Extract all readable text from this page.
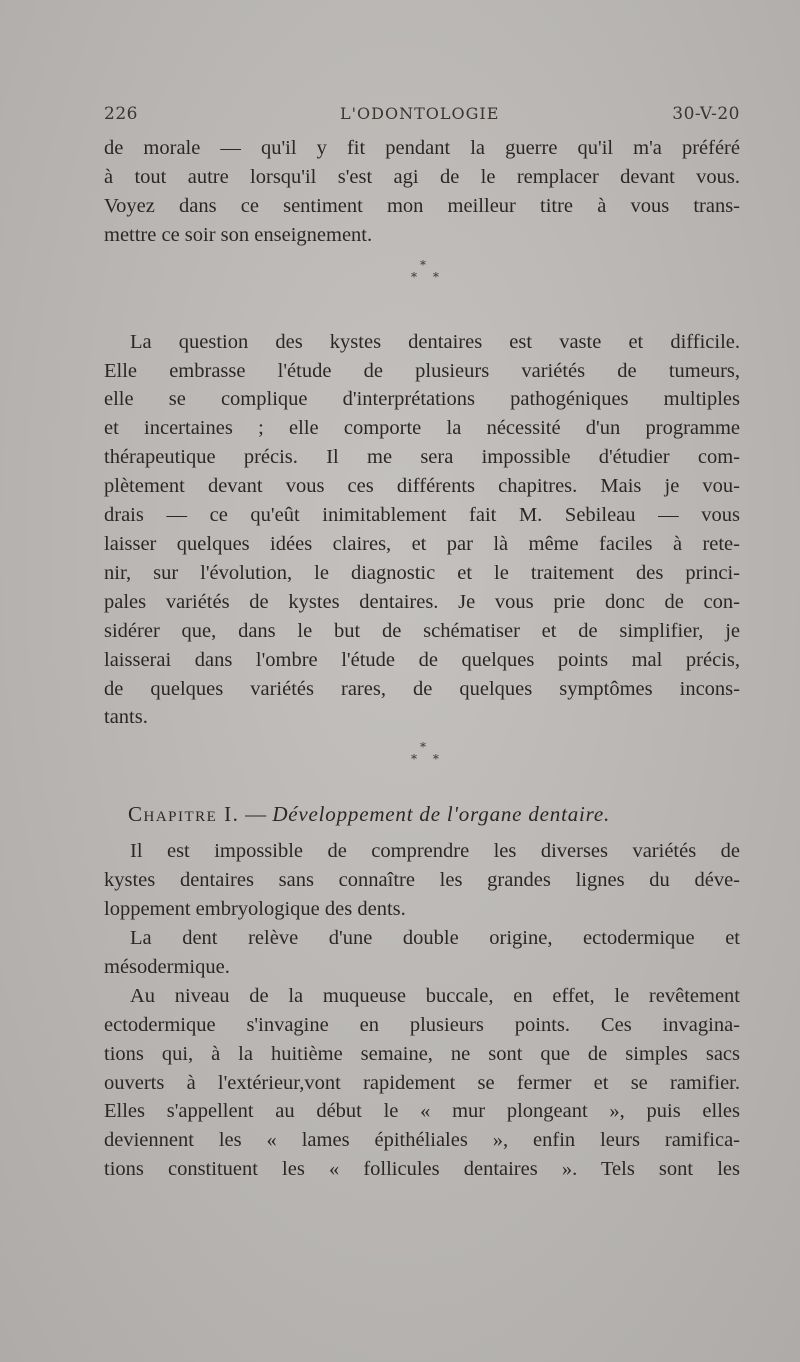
226	L'ODONTOLOGIE	30-V-20

de morale — qu'il y fit pendant la guerre qu'il m'a préféré
à tout autre lorsqu'il s'est agi de le remplacer devant vous.
Voyez dans ce sentiment mon meilleur titre à vous trans-
mettre ce soir son enseignement.

*
* *

La question des kystes dentaires est vaste et difficile.
Elle embrasse l'étude de plusieurs variétés de tumeurs,
elle se complique d'interprétations pathogéniques multiples
et incertaines ; elle comporte la nécessité d'un programme
thérapeutique précis. Il me sera impossible d'étudier com-
plètement devant vous ces différents chapitres. Mais je vou-
drais — ce qu'eût inimitablement fait M. Sebileau — vous
laisser quelques idées claires, et par là même faciles à rete-
nir, sur l'évolution, le diagnostic et le traitement des princi-
pales variétés de kystes dentaires. Je vous prie donc de con-
sidérer que, dans le but de schématiser et de simplifier, je
laisserai dans l'ombre l'étude de quelques points mal précis,
de quelques variétés rares, de quelques symptômes incons-
tants.

*
* *
Chapitre I. — Développement de l'organe dentaire.

Il est impossible de comprendre les diverses variétés de
kystes dentaires sans connaître les grandes lignes du déve-
loppement embryologique des dents.

La dent relève d'une double origine, ectodermique et
mésodermique.

Au niveau de la muqueuse buccale, en effet, le revêtement
ectodermique s'invagine en plusieurs points. Ces invagina-
tions qui, à la huitième semaine, ne sont que de simples sacs
ouverts à l'extérieur,vont rapidement se fermer et se ramifier.
Elles s'appellent au début le « mur plongeant », puis elles
deviennent les « lames épithéliales », enfin leurs ramifica-
tions constituent les « follicules dentaires ». Tels sont les
